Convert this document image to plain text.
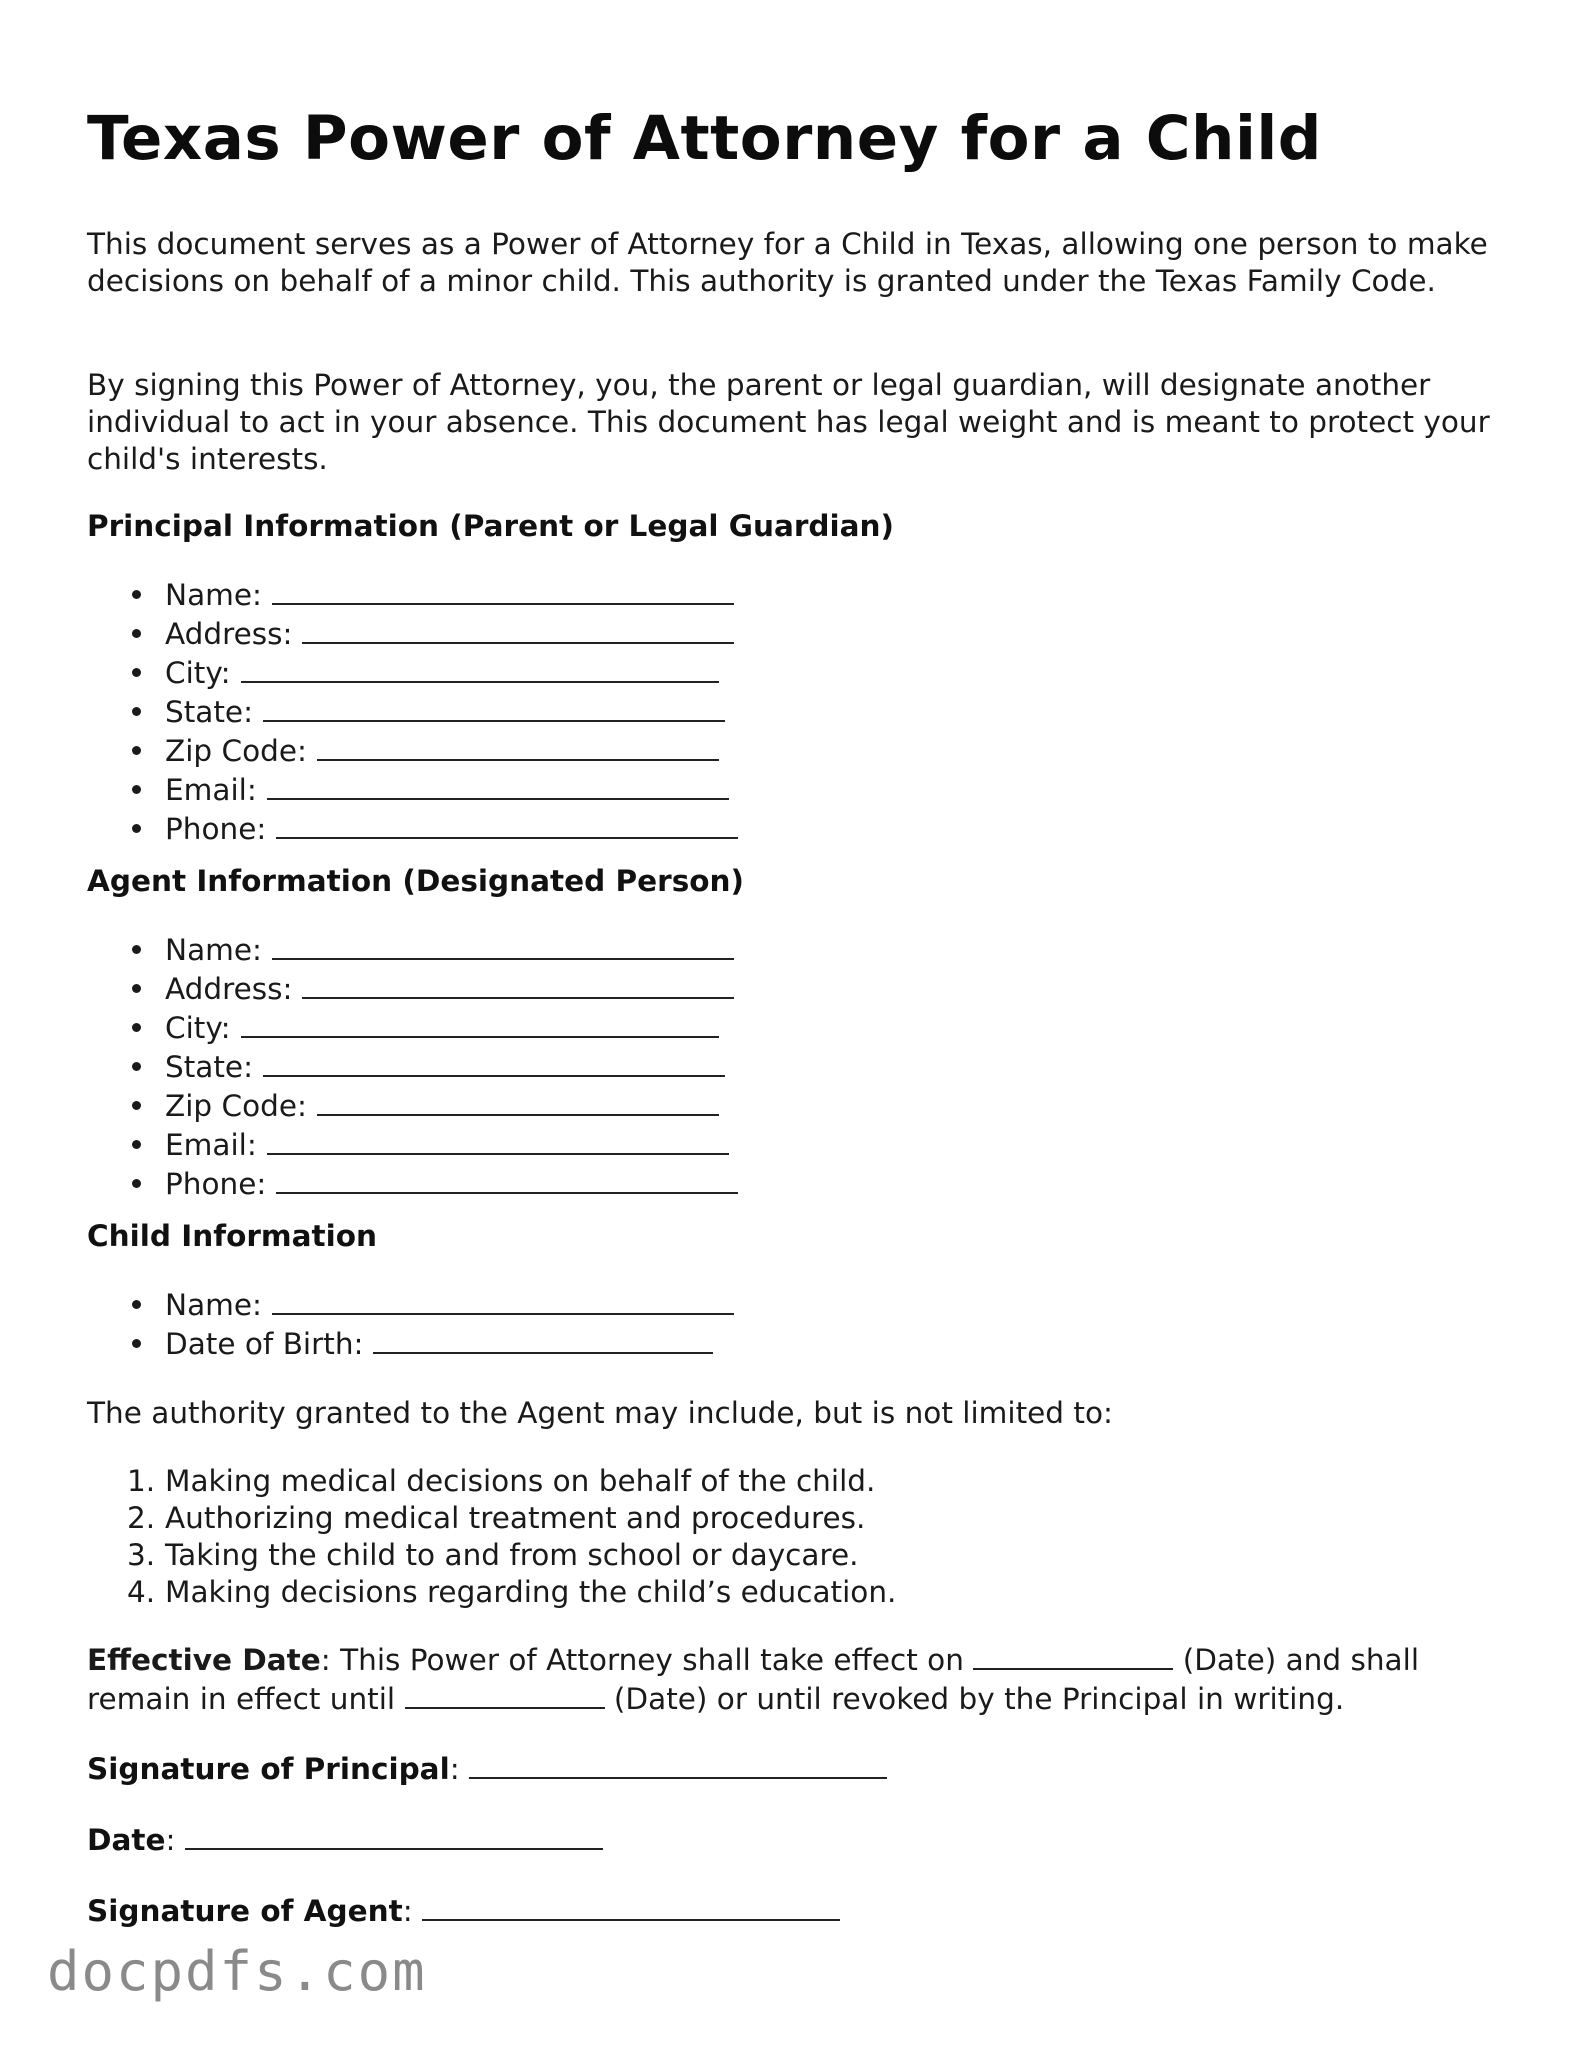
Texas Power of Attorney for a Child

This document serves as a Power of Attorney for a Child in Texas, allowing one person to make decisions on behalf of a minor child. This authority is granted under the Texas Family Code.

By signing this Power of Attorney, you, the parent or legal guardian, will designate another individual to act in your absence. This document has legal weight and is meant to protect your child's interests.

Principal Information (Parent or Legal Guardian)

Name:
Address:
City:
State:
Zip Code:
Email:
Phone:

Agent Information (Designated Person)

Name:
Address:
City:
State:
Zip Code:
Email:
Phone:

Child Information

Name:
Date of Birth:

The authority granted to the Agent may include, but is not limited to:

1. Making medical decisions on behalf of the child.
2. Authorizing medical treatment and procedures.
3. Taking the child to and from school or daycare.
4. Making decisions regarding the child’s education.

Effective Date: This Power of Attorney shall take effect on	(Date) and shall remain in effect until	(Date) or until revoked by the Principal in writing.

Signature of Principal:

Date:

Signature of Agent:

docpdfs.com
